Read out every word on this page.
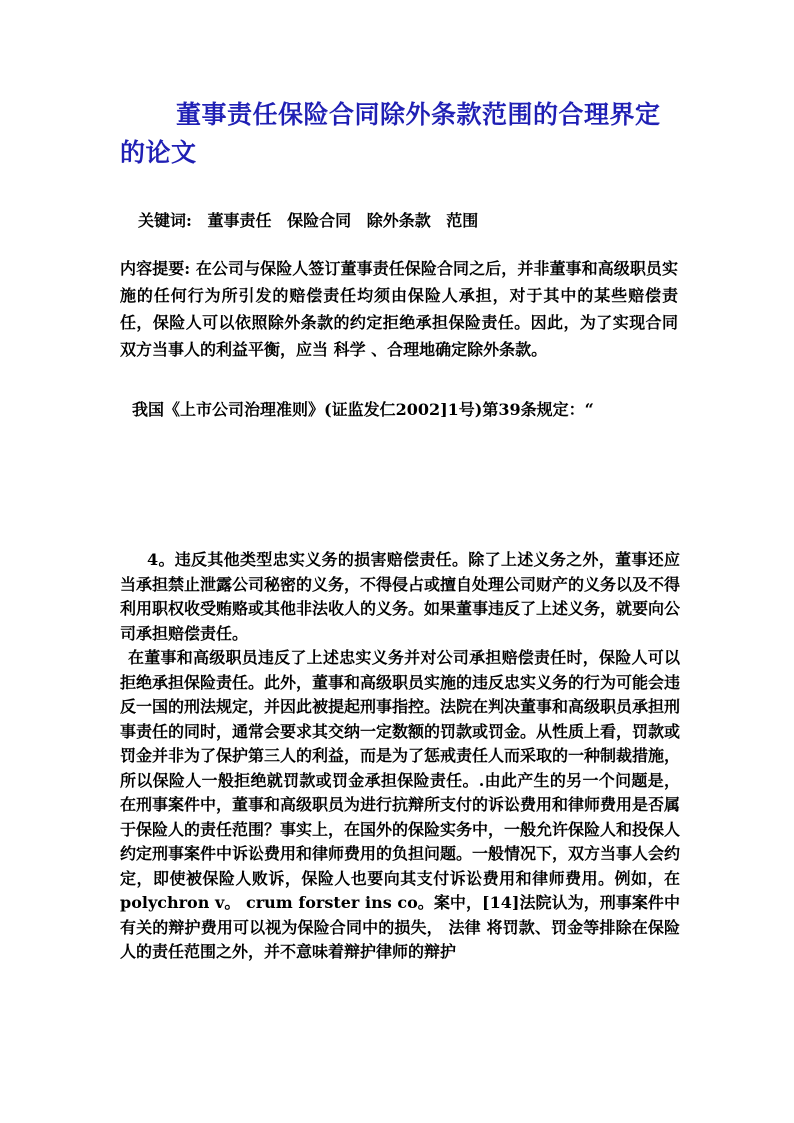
董事责任保险合同除外条款范围的合理界定的论文
关键词: 董事责任 保险合同 除外条款 范围

内容提要: 在公司与保险人签订董事责任保险合同之后，并非董事和高级职员实施的任何行为所引发的赔偿责任均须由保险人承担，对于其中的某些赔偿责任，保险人可以依照除外条款的约定拒绝承担保险责任。因此，为了实现合同双方当事人的利益平衡，应当 科学 、合理地确定除外条款。

我国《上市公司治理准则》(证监发仁2002]1号)第39条规定：“

4。违反其他类型忠实义务的损害赔偿责任。除了上述义务之外，董事还应当承担禁止泄露公司秘密的义务，不得侵占或擅自处理公司财产的义务以及不得利用职权收受贿赂或其他非法收人的义务。如果董事违反了上述义务，就要向公司承担赔偿责任。

在董事和高级职员违反了上述忠实义务并对公司承担赔偿责任时，保险人可以拒绝承担保险责任。此外，董事和高级职员实施的违反忠实义务的行为可能会违反一国的刑法规定，并因此被提起刑事指控。法院在判决董事和高级职员承担刑事责任的同时，通常会要求其交纳一定数额的罚款或罚金。从性质上看，罚款或罚金并非为了保护第三人的利益，而是为了惩戒责任人而采取的一种制裁措施，所以保险人一般拒绝就罚款或罚金承担保险责任。.由此产生的另一个问题是，在刑事案件中，董事和高级职员为进行抗辩所支付的诉讼费用和律师费用是否属于保险人的责任范围？事实上，在国外的保险实务中，一般允许保险人和投保人约定刑事案件中诉讼费用和律师费用的负担问题。一般情况下，双方当事人会约定，即使被保险人败诉，保险人也要向其支付诉讼费用和律师费用。例如，在polychron v。 crum forster ins co。案中，[14]法院认为，刑事案件中有关的辩护费用可以视为保险合同中的损失， 法律 将罚款、罚金等排除在保险人的责任范围之外，并不意味着辩护律师的辩护
